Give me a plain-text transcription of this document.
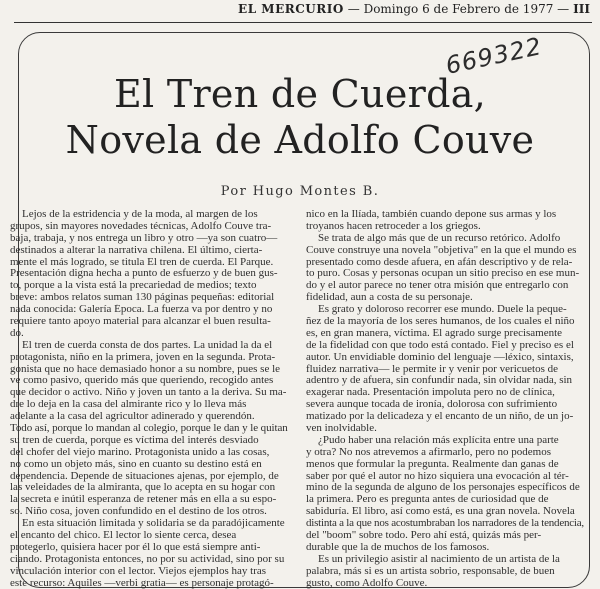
EL MERCURIO — Domingo 6 de Febrero de 1977 — III
669322
El Tren de Cuerda,
Novela de Adolfo Couve
Por Hugo Montes B.
Lejos de la estridencia y de la moda, al margen de los
grupos, sin mayores novedades técnicas, Adolfo Couve tra-
baja, trabaja, y nos entrega un libro y otro —ya son cuatro—
destinados a alterar la narrativa chilena. El último, cierta-
mente el más logrado, se titula El tren de cuerda. El Parque.
Presentación digna hecha a punto de esfuerzo y de buen gus-
to, porque a la vista está la precariedad de medios; texto
breve: ambos relatos suman 130 páginas pequeñas: editorial
nada conocida: Galería Época. La fuerza va por dentro y no
requiere tanto apoyo material para alcanzar el buen resulta-
do.
El tren de cuerda consta de dos partes. La unidad la da el
protagonista, niño en la primera, joven en la segunda. Prota-
gonista que no hace demasiado honor a su nombre, pues se le
ve como pasivo, querido más que queriendo, recogido antes
que decidor o activo. Niño y joven un tanto a la deriva. Su ma-
dre lo deja en la casa del almirante rico y lo lleva más
adelante a la casa del agricultor adinerado y querendón.
Todo así, porque lo mandan al colegio, porque le dan y le quitan
su tren de cuerda, porque es víctima del interés desviado
del chofer del viejo marino. Protagonista unido a las cosas,
no como un objeto más, sino en cuanto su destino está en
dependencia. Depende de situaciones ajenas, por ejemplo, de
las veleidades de la almiranta, que lo acepta en su hogar con
la secreta e inútil esperanza de retener más en ella a su espo-
so. Niño cosa, joven confundido en el destino de los otros.
En esta situación limitada y solidaria se da paradójicamente
el encanto del chico. El lector lo siente cerca, desea
protegerlo, quisiera hacer por él lo que está siempre anti-
ciando. Protagonista entonces, no por su actividad, sino por su
vinculación interior con el lector. Viejos ejemplos hay tras
este recurso: Aquiles —verbi gratia— es personaje protagó-
nico en la Ilíada, también cuando depone sus armas y los
troyanos hacen retroceder a los griegos.
Se trata de algo más que de un recurso retórico. Adolfo
Couve construye una novela "objetiva" en la que el mundo es
presentado como desde afuera, en afán descriptivo y de rela-
to puro. Cosas y personas ocupan un sitio preciso en ese mun-
do y el autor parece no tener otra misión que entregarlo con
fidelidad, aun a costa de su personaje.
Es grato y doloroso recorrer ese mundo. Duele la peque-
ñez de la mayoría de los seres humanos, de los cuales el niño
es, en gran manera, víctima. El agrado surge precisamente
de la fidelidad con que todo está contado. Fiel y preciso es el
autor. Un envidiable dominio del lenguaje —léxico, sintaxis,
fluidez narrativa— le permite ir y venir por vericuetos de
adentro y de afuera, sin confundir nada, sin olvidar nada, sin
exagerar nada. Presentación impoluta pero no de clínica,
severa aunque tocada de ironía, dolorosa con sufrimiento
matizado por la delicadeza y el encanto de un niño, de un jo-
ven inolvidable.
¿Pudo haber una relación más explícita entre una parte
y otra? No nos atrevemos a afirmarlo, pero no podemos
menos que formular la pregunta. Realmente dan ganas de
saber por qué el autor no hizo siquiera una evocación al tér-
mino de la segunda de alguno de los personajes específicos de
la primera. Pero es pregunta antes de curiosidad que de
sabiduría. El libro, así como está, es una gran novela. Novela
distinta a la que nos acostumbraban los narradores de la tendencia,
del "boom" sobre todo. Pero ahí está, quizás más per-
durable que la de muchos de los famosos.
Es un privilegio asistir al nacimiento de un artista de la
palabra, más si es un artista sobrio, responsable, de buen
gusto, como Adolfo Couve.
